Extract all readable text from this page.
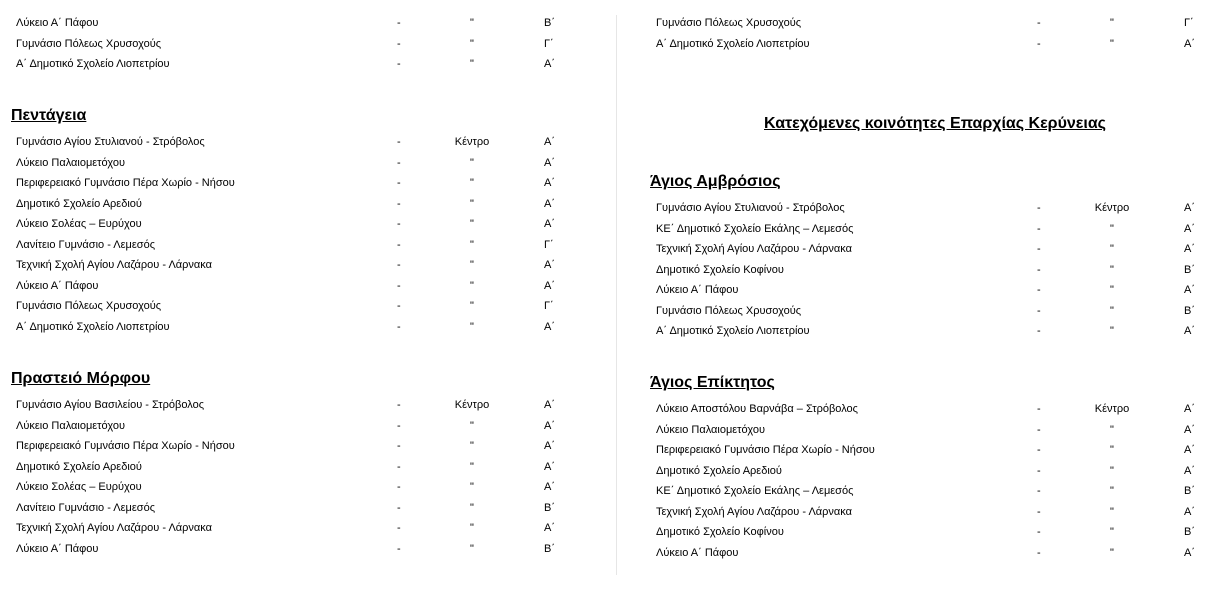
Λύκειο Α΄ Πάφου	-	"	Β΄
Γυμνάσιο Πόλεως Χρυσοχούς	-	"	Γ΄
Α΄ Δημοτικό Σχολείο Λιοπετρίου	-	"	Α΄
Πεντάγεια
Γυμνάσιο Αγίου Στυλιανού - Στρόβολος	-	Κέντρο	Α΄
Λύκειο Παλαιομετόχου	-	"	Α΄
Περιφερειακό Γυμνάσιο Πέρα Χωρίο - Νήσου	-	"	Α΄
Δημοτικό Σχολείο Αρεδιού	-	"	Α΄
Λύκειο Σολέας – Ευρύχου	-	"	Α΄
Λανίτειο Γυμνάσιο - Λεμεσός	-	"	Γ΄
Τεχνική Σχολή Αγίου Λαζάρου - Λάρνακα	-	"	Α΄
Λύκειο Α΄ Πάφου	-	"	Α΄
Γυμνάσιο Πόλεως Χρυσοχούς	-	"	Γ΄
Α΄ Δημοτικό Σχολείο Λιοπετρίου	-	"	Α΄
Πραστειό Μόρφου
Γυμνάσιο Αγίου Βασιλείου - Στρόβολος	-	Κέντρο	Α΄
Λύκειο Παλαιομετόχου	-	"	Α΄
Περιφερειακό Γυμνάσιο Πέρα Χωρίο - Νήσου	-	"	Α΄
Δημοτικό Σχολείο Αρεδιού	-	"	Α΄
Λύκειο Σολέας – Ευρύχου	-	"	Α΄
Λανίτειο Γυμνάσιο - Λεμεσός	-	"	Β΄
Τεχνική Σχολή Αγίου Λαζάρου - Λάρνακα	-	"	Α΄
Λύκειο Α΄ Πάφου	-	"	Β΄
Γυμνάσιο Πόλεως Χρυσοχούς	-	"	Γ΄
Α΄ Δημοτικό Σχολείο Λιοπετρίου	-	"	Α΄
Κατεχόμενες κοινότητες Επαρχίας Κερύνειας
Άγιος Αμβρόσιος
Γυμνάσιο Αγίου Στυλιανού - Στρόβολος	-	Κέντρο	Α΄
ΚΕ΄ Δημοτικό Σχολείο Εκάλης – Λεμεσός	-	"	Α΄
Τεχνική Σχολή Αγίου Λαζάρου - Λάρνακα	-	"	Α΄
Δημοτικό Σχολείο Κοφίνου	-	"	Β΄
Λύκειο Α΄ Πάφου	-	"	Α΄
Γυμνάσιο Πόλεως Χρυσοχούς	-	"	Β΄
Α΄ Δημοτικό Σχολείο Λιοπετρίου	-	"	Α΄
Άγιος Επίκτητος
Λύκειο Αποστόλου Βαρνάβα – Στρόβολος	-	Κέντρο	Α΄
Λύκειο Παλαιομετόχου	-	"	Α΄
Περιφερειακό Γυμνάσιο Πέρα Χωρίο - Νήσου	-	"	Α΄
Δημοτικό Σχολείο Αρεδιού	-	"	Α΄
ΚΕ΄ Δημοτικό Σχολείο Εκάλης – Λεμεσός	-	"	Β΄
Τεχνική Σχολή Αγίου Λαζάρου - Λάρνακα	-	"	Α΄
Δημοτικό Σχολείο Κοφίνου	-	"	Β΄
Λύκειο Α΄ Πάφου	-	"	Α΄
